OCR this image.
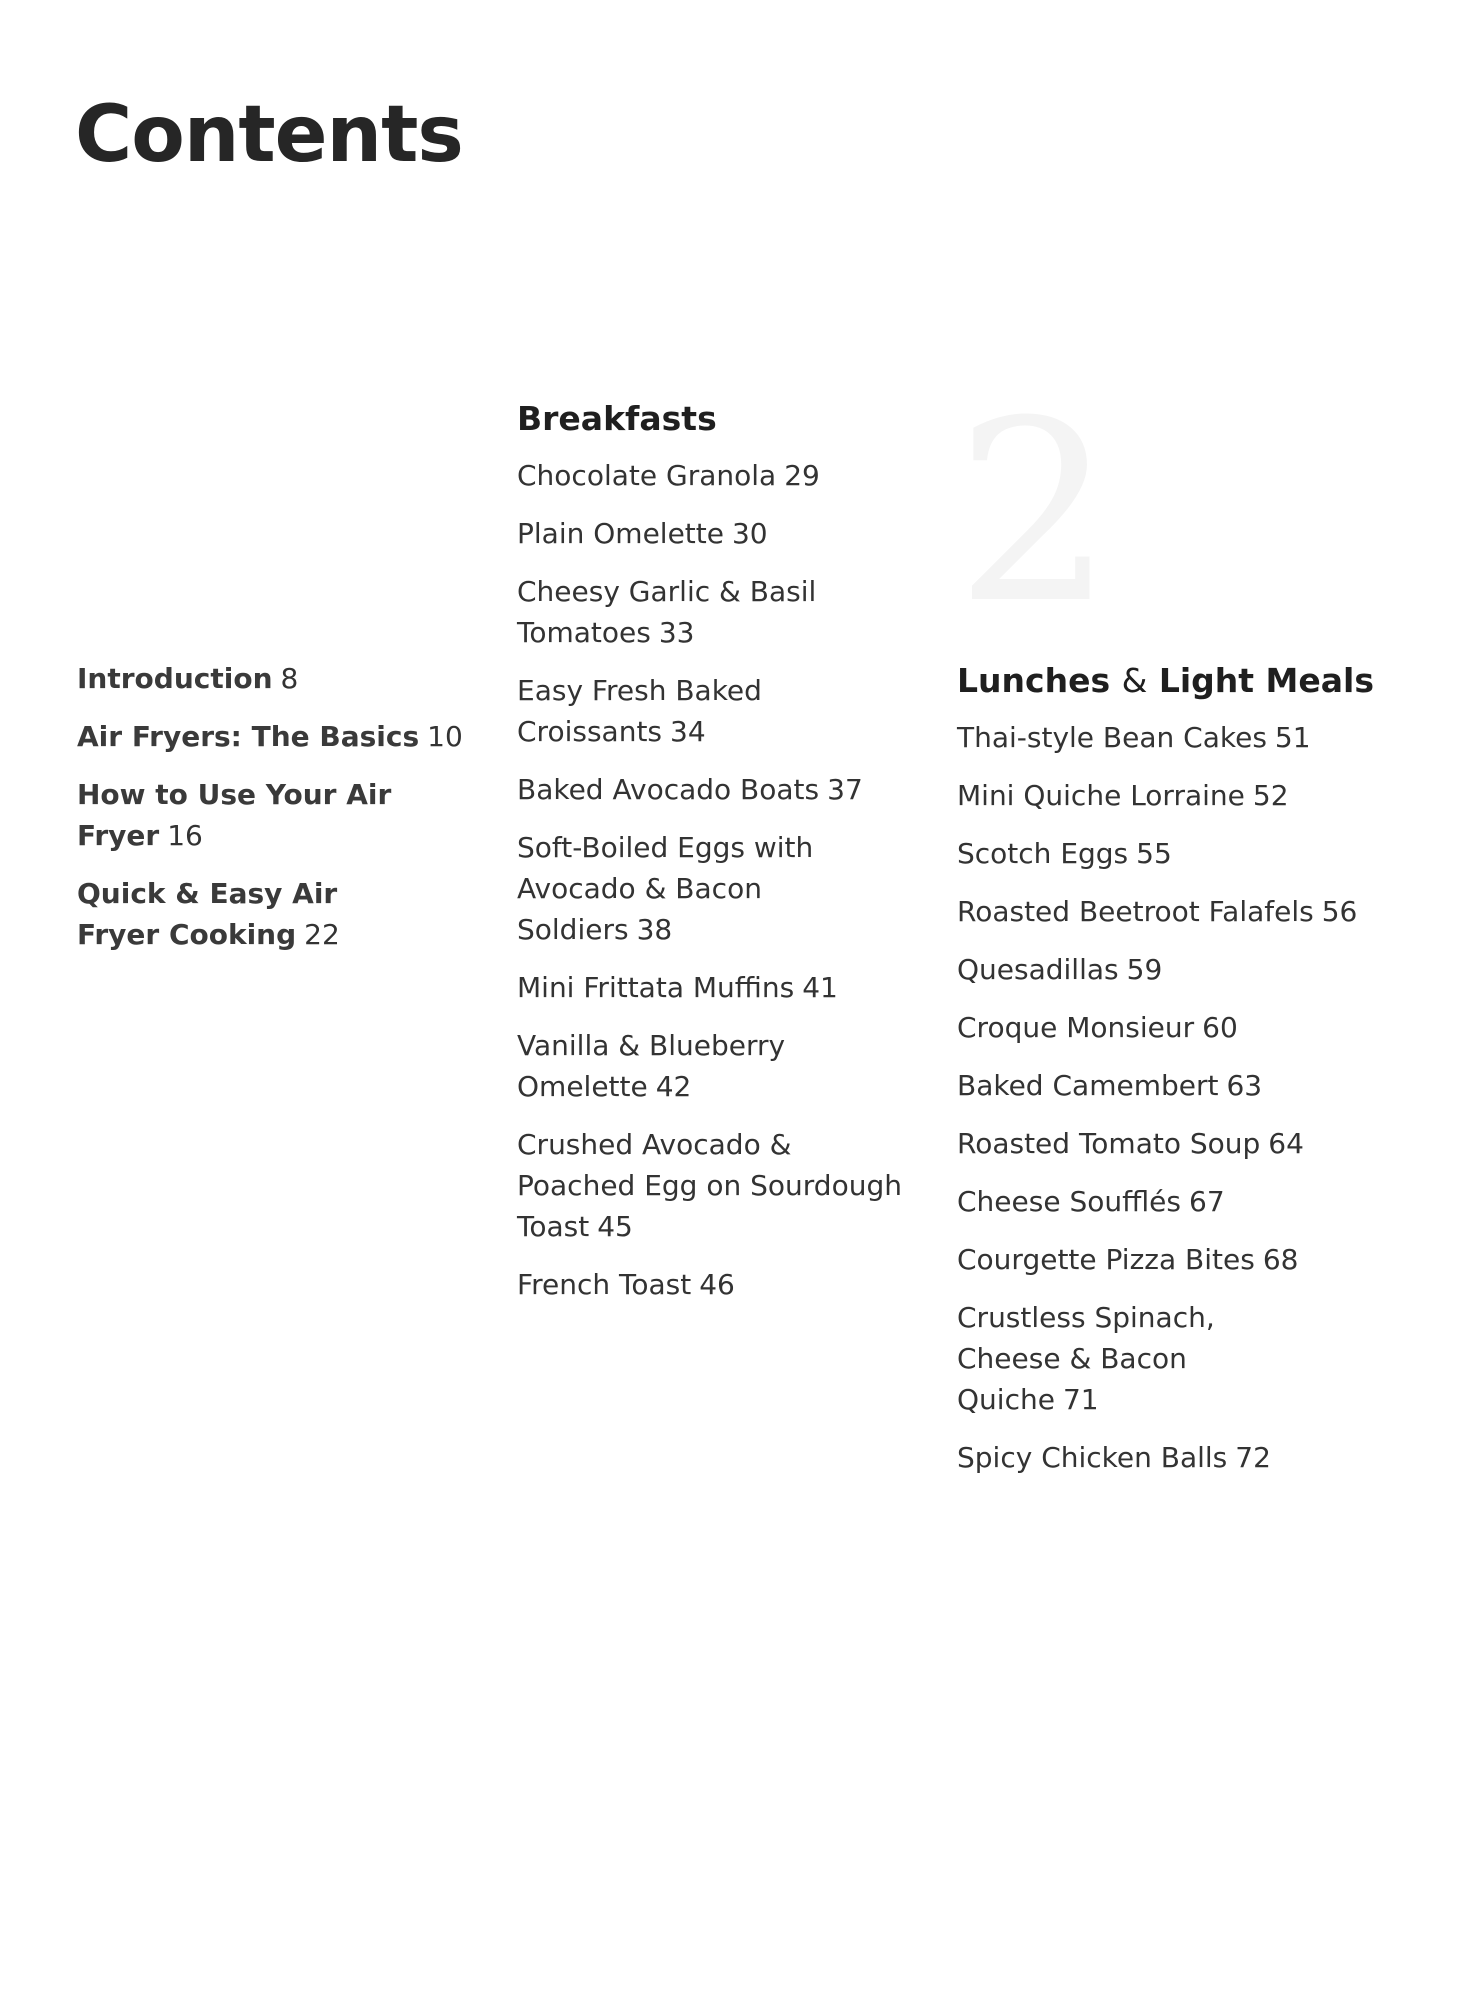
Contents
2
Introduction 8
Air Fryers: The Basics 10
How to Use Your Air Fryer 16
Quick & Easy Air Fryer Cooking 22
Breakfasts
Chocolate Granola 29
Plain Omelette 30
Cheesy Garlic & Basil Tomatoes 33
Easy Fresh Baked Croissants 34
Baked Avocado Boats 37
Soft-Boiled Eggs with Avocado & Bacon Soldiers 38
Mini Frittata Muffins 41
Vanilla & Blueberry Omelette 42
Crushed Avocado & Poached Egg on Sourdough Toast 45
French Toast 46
Lunches & Light Meals
Thai-style Bean Cakes 51
Mini Quiche Lorraine 52
Scotch Eggs 55
Roasted Beetroot Falafels 56
Quesadillas 59
Croque Monsieur 60
Baked Camembert 63
Roasted Tomato Soup 64
Cheese Soufflés 67
Courgette Pizza Bites 68
Crustless Spinach, Cheese & Bacon Quiche 71
Spicy Chicken Balls 72
